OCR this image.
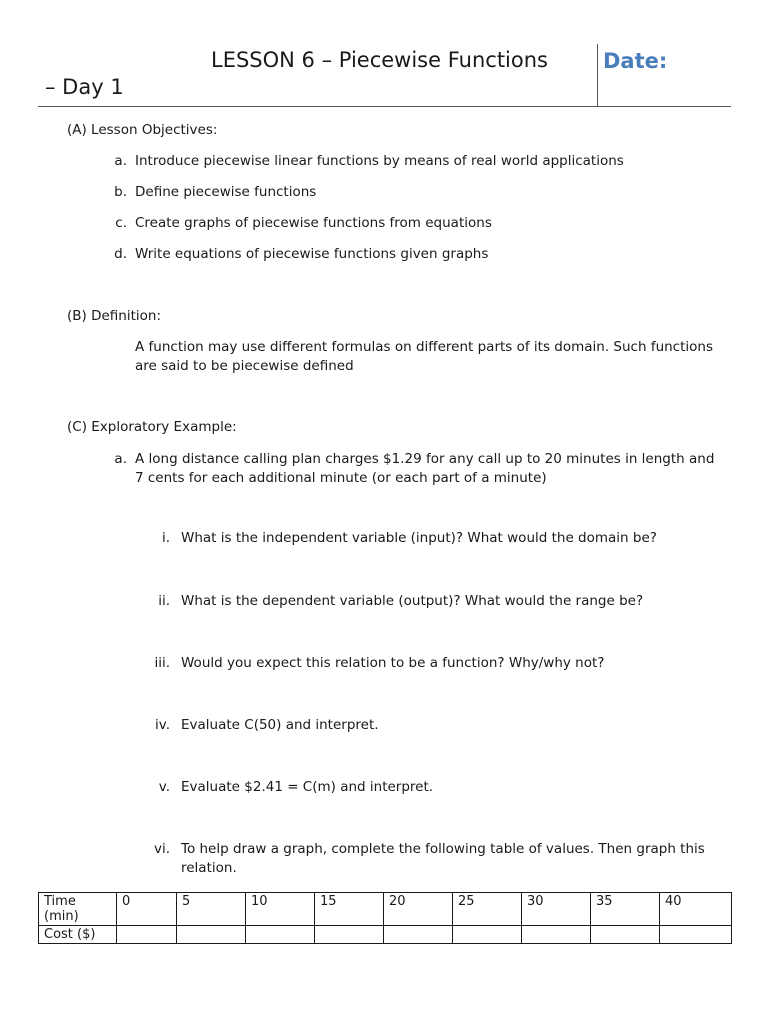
LESSON 6 – Piecewise Functions
– Day 1
Date:
(A) Lesson Objectives:
a. Introduce piecewise linear functions by means of real world applications
b. Define piecewise functions
c. Create graphs of piecewise functions from equations
d. Write equations of piecewise functions given graphs
(B) Definition:
A function may use different formulas on different parts of its domain. Such functions are said to be piecewise defined
(C) Exploratory Example:
a. A long distance calling plan charges $1.29 for any call up to 20 minutes in length and 7 cents for each additional minute (or each part of a minute)
i. What is the independent variable (input)? What would the domain be?
ii. What is the dependent variable (output)? What would the range be?
iii. Would you expect this relation to be a function? Why/why not?
iv. Evaluate C(50) and interpret.
v. Evaluate $2.41 = C(m) and interpret.
vi. To help draw a graph, complete the following table of values. Then graph this relation.
Time (min)	0	5	10	15	20	25	30	35	40
Cost ($)									
